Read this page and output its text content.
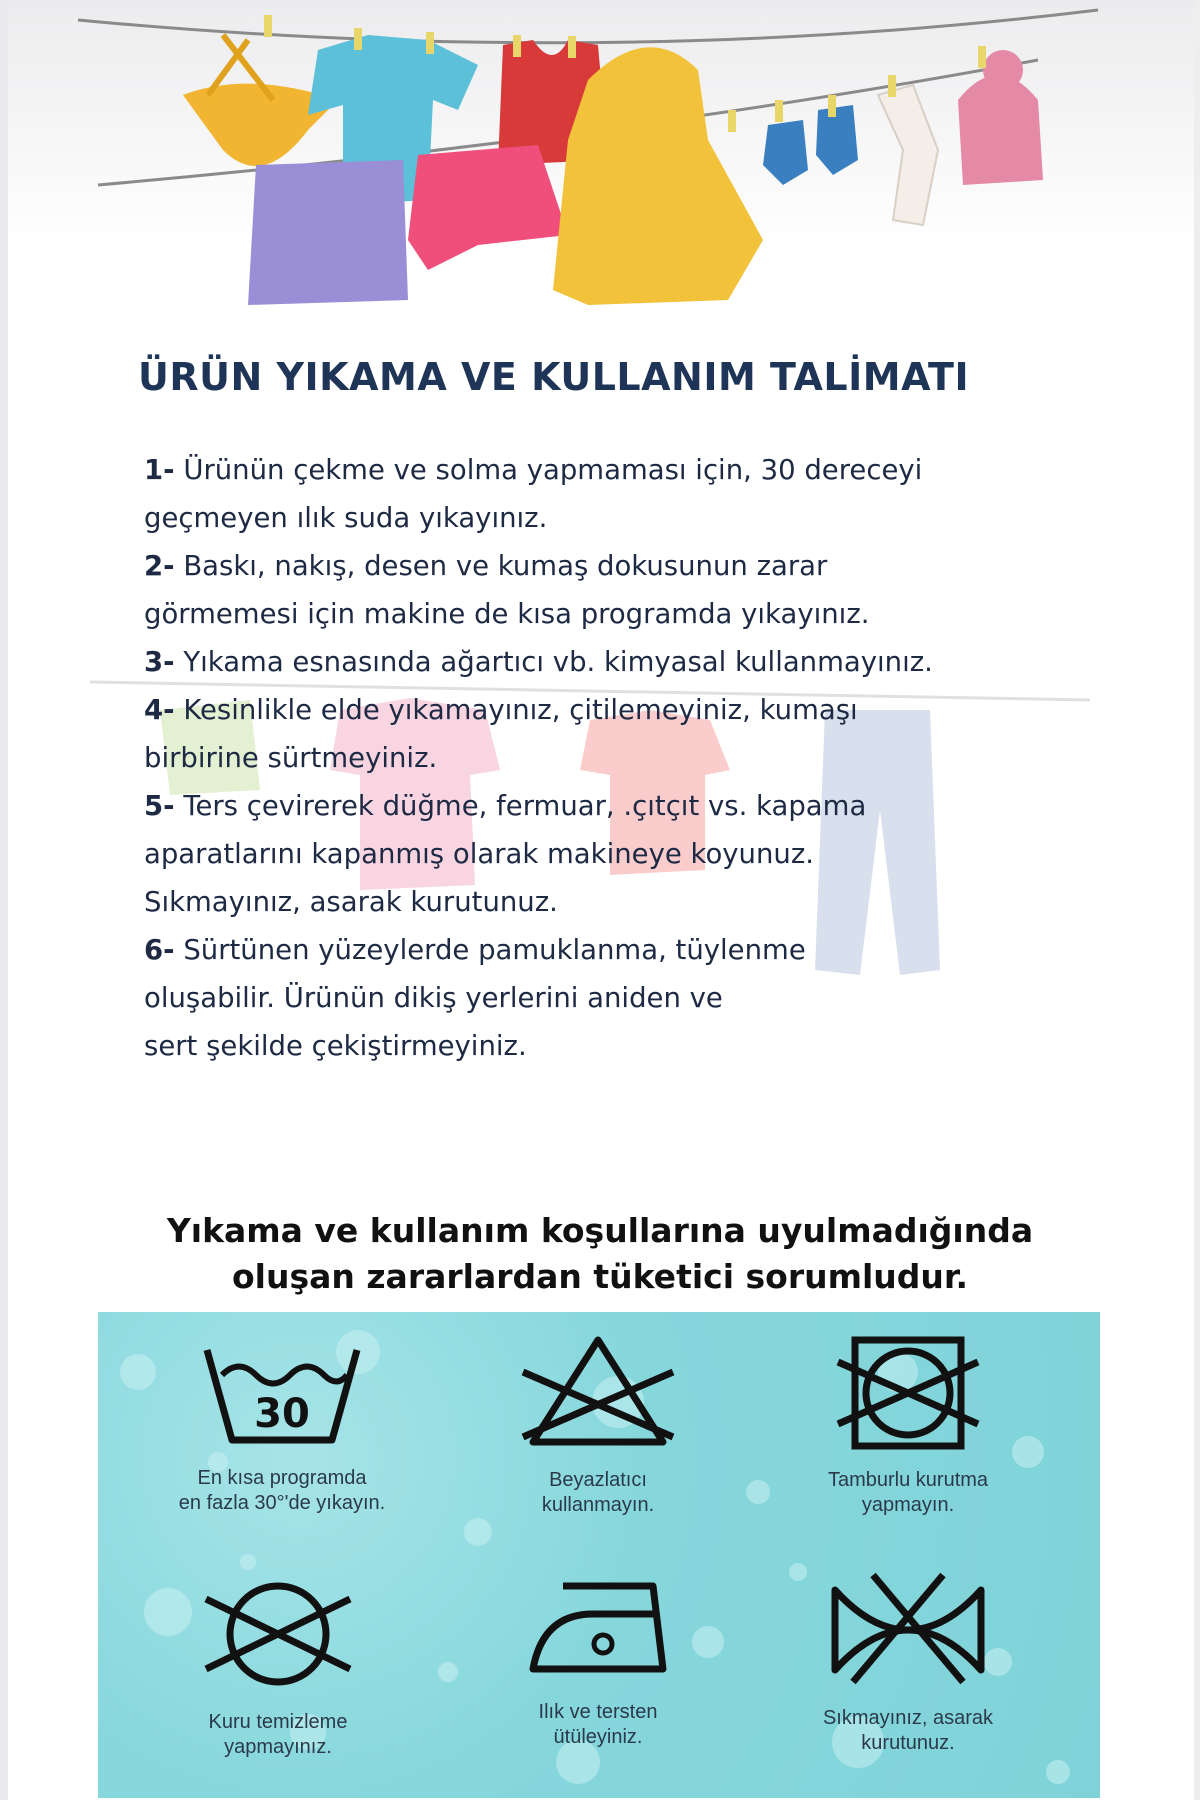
ÜRÜN YIKAMA VE KULLANIM TALİMATI
1- Ürünün çekme ve solma yapmaması için, 30 dereceyi
geçmeyen ılık suda yıkayınız.
2- Baskı, nakış, desen ve kumaş dokusunun zarar
görmemesi için makine de kısa programda yıkayınız.
3- Yıkama esnasında ağartıcı vb. kimyasal kullanmayınız.
4- Kesinlikle elde yıkamayınız, çitilemeyiniz, kumaşı
birbirine sürtmeyiniz.
5- Ters çevirerek düğme, fermuar, .çıtçıt vs. kapama
aparatlarını kapanmış olarak makineye koyunuz.
Sıkmayınız, asarak kurutunuz.
6- Sürtünen yüzeylerde pamuklanma, tüylenme
oluşabilir. Ürünün dikiş yerlerini aniden ve
sert şekilde çekiştirmeyiniz.
Yıkama ve kullanım koşullarına uyulmadığında
oluşan zararlardan tüketici sorumludur.
30
En kısa programda
en fazla 30°'de yıkayın.
Beyazlatıcı
kullanmayın.
Tamburlu kurutma
yapmayın.
Kuru temizleme
yapmayınız.
Ilık ve tersten
ütüleyiniz.
Sıkmayınız, asarak
kurutunuz.
